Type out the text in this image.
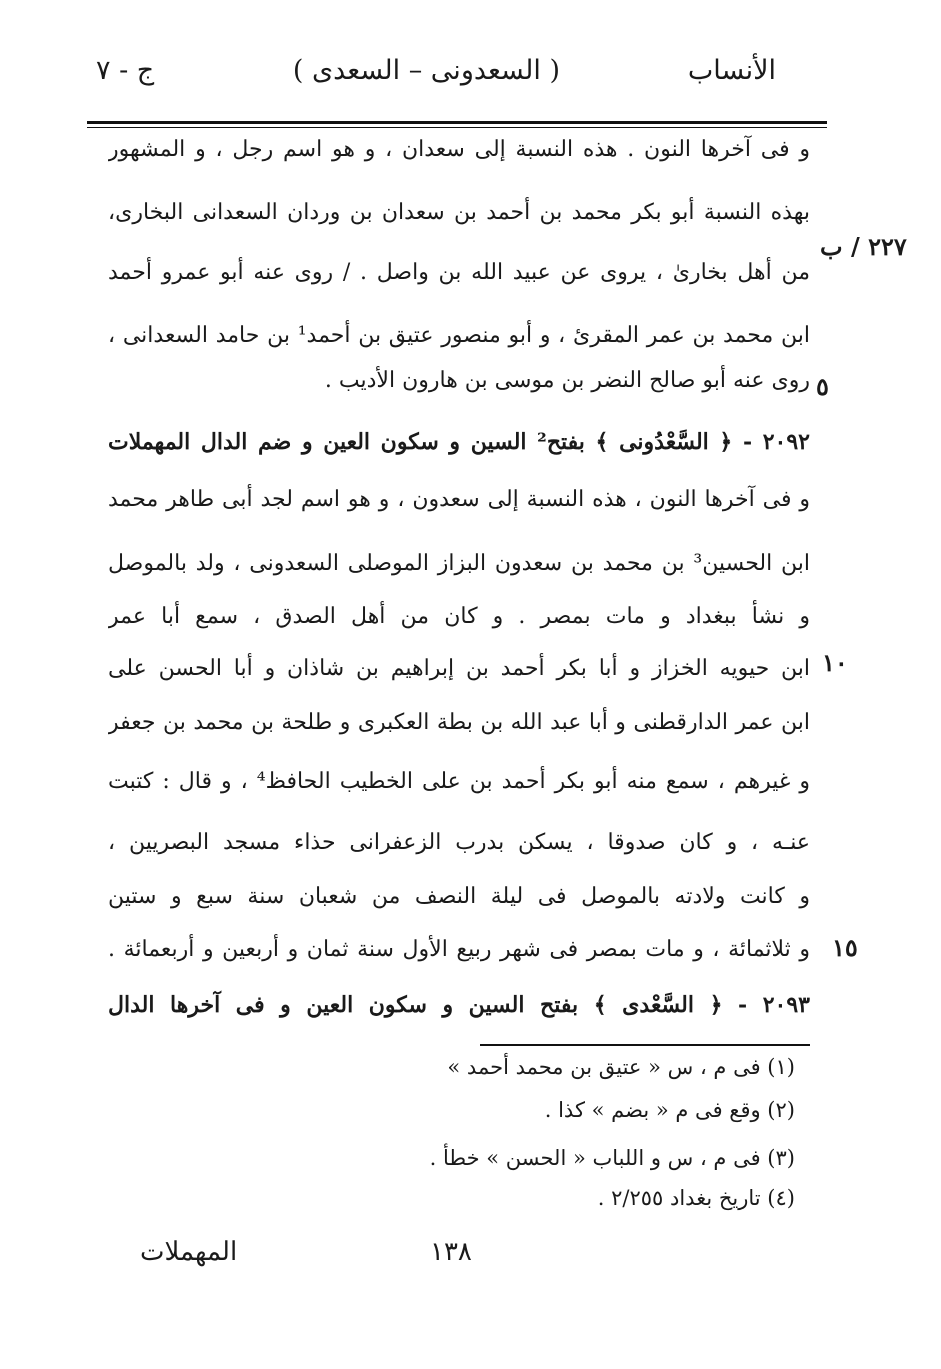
الأنساب
( السعدونی – السعدی )
ج - ٧
و فی آخرها النون . هذه النسبة إلى سعدان ، و هو اسم رجل ، و المشهور
بهذه النسبة أبو بکر محمد بن أحمد بن سعدان بن وردان السعدانی البخاری،
من أهل بخاریٰ ، یروی عن عبید الله بن واصل . / روی عنه أبو عمرو أحمد
ابن محمد بن عمر المقرئ ، و أبو منصور عتیق بن أحمد¹ بن حامد السعدانی ،
روی عنه أبو صالح النضر بن موسی بن هارون الأدیب .
٢٠٩٢ - ﴿ السَّعْدُونی ﴾ بفتح² السین و سکون العین و ضم الدال المهملات
و فی آخرها النون ، هذه النسبة إلى سعدون ، و هو اسم لجد أبی طاهر محمد
ابن الحسین³ بن محمد بن سعدون البزاز الموصلی السعدونی ، ولد بالموصل
و نشأ ببغداد و مات بمصر . و کان من أهل الصدق ، سمع أبا عمر
ابن حیویه الخزاز و أبا بکر أحمد بن إبراهیم بن شاذان و أبا الحسن علی
ابن عمر الدارقطنی و أبا عبد الله بن بطة العکبری و طلحة بن محمد بن جعفر
و غیرهم ، سمع منه أبو بکر أحمد بن علی الخطیب الحافظ⁴ ، و قال : کتبت
عنـه ، و کان صدوقا ، یسکن بدرب الزعفرانی حذاء مسجد البصریین ،
و کانت ولادته بالموصل فی لیلة النصف من شعبان سنة سبع و ستین
و ثلاثمائة ، و مات بمصر فی شهر ربیع الأول سنة ثمان و أربعین و أربعمائة .
٢٠٩٣ - ﴿ السَّعْدی ﴾ بفتح السین و سکون العین و فی آخرها الدال
٢٢٧ / ب
٥
١٠
١٥
(١) فی م ، س « عتیق بن محمد أحمد »
(٢) وقع فی م « بضم » کذا .
(٣) فی م ، س و اللباب « الحسن » خطأ .
(٤) تاریخ بغداد ٢/٢٥٥ .
١٣٨
المهملات
